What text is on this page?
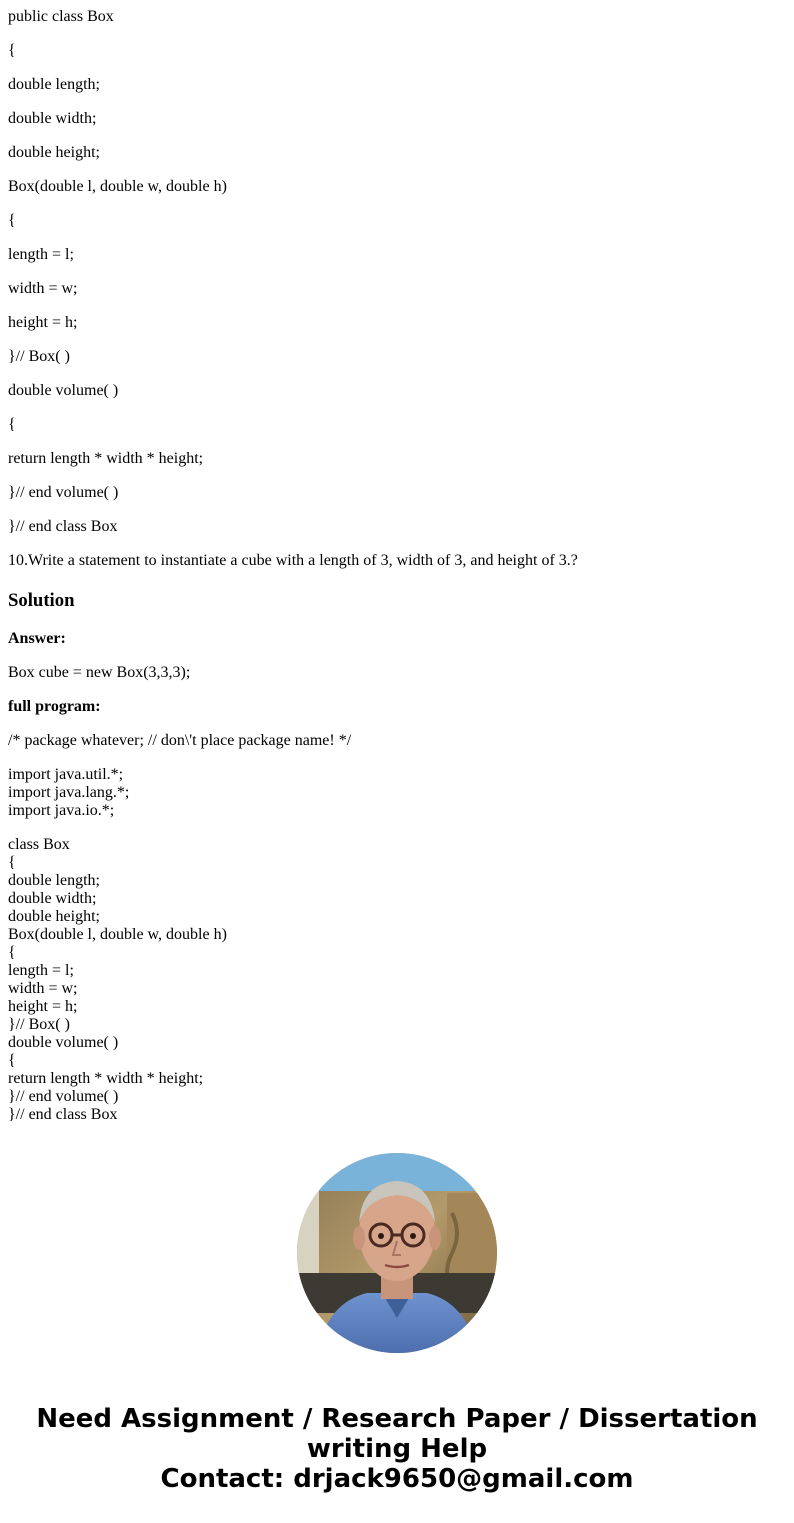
public class Box

{

double length;

double width;

double height;

Box(double l, double w, double h)

{

length = l;

width = w;

height = h;

}// Box( )

double volume( )

{

return length * width * height;

}// end volume( )

}// end class Box

10.Write a statement to instantiate a cube with a length of 3, width of 3, and height of 3.?

Solution

Answer:

Box cube = new Box(3,3,3);

full program:

/* package whatever; // don\'t place package name! */

import java.util.*;
import java.lang.*;
import java.io.*;
class Box
{
double length;
double width;
double height;
Box(double l, double w, double h)
{
length = l;
width = w;
height = h;
}// Box( )
double volume( )
{
return length * width * height;
}// end volume( )
}// end class Box
Need Assignment / Research Paper / Dissertation
writing Help
Contact: drjack9650@gmail.com
